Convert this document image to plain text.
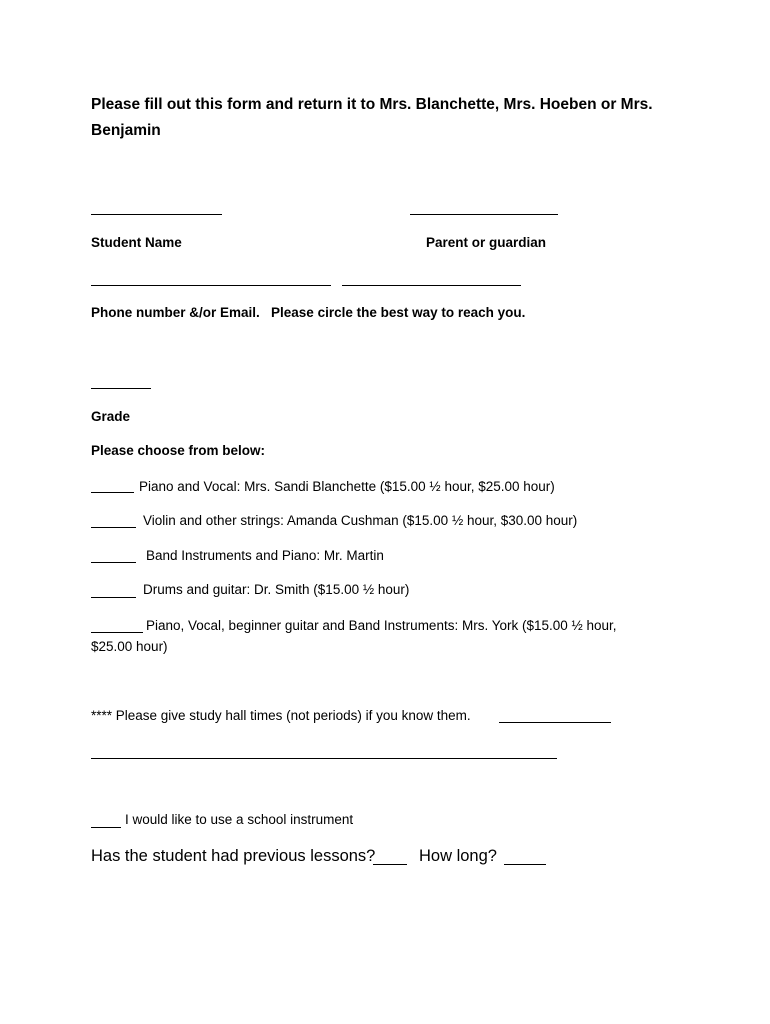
Please fill out this form and return it to Mrs. Blanchette, Mrs. Hoeben or Mrs. Benjamin
Student Name	Parent or guardian
Phone number &/or Email.   Please circle the best way to reach you.
Grade
Please choose from below:
Piano and Vocal: Mrs. Sandi Blanchette ($15.00 ½ hour, $25.00 hour)
Violin and other strings: Amanda Cushman ($15.00 ½ hour, $30.00 hour)
Band Instruments and Piano: Mr. Martin
Drums and guitar: Dr. Smith ($15.00 ½ hour)
Piano, Vocal, beginner guitar and Band Instruments: Mrs. York ($15.00 ½ hour, $25.00 hour)
**** Please give study hall times (not periods) if you know them.
I would like to use a school instrument
Has the student had previous lessons?	How long?
